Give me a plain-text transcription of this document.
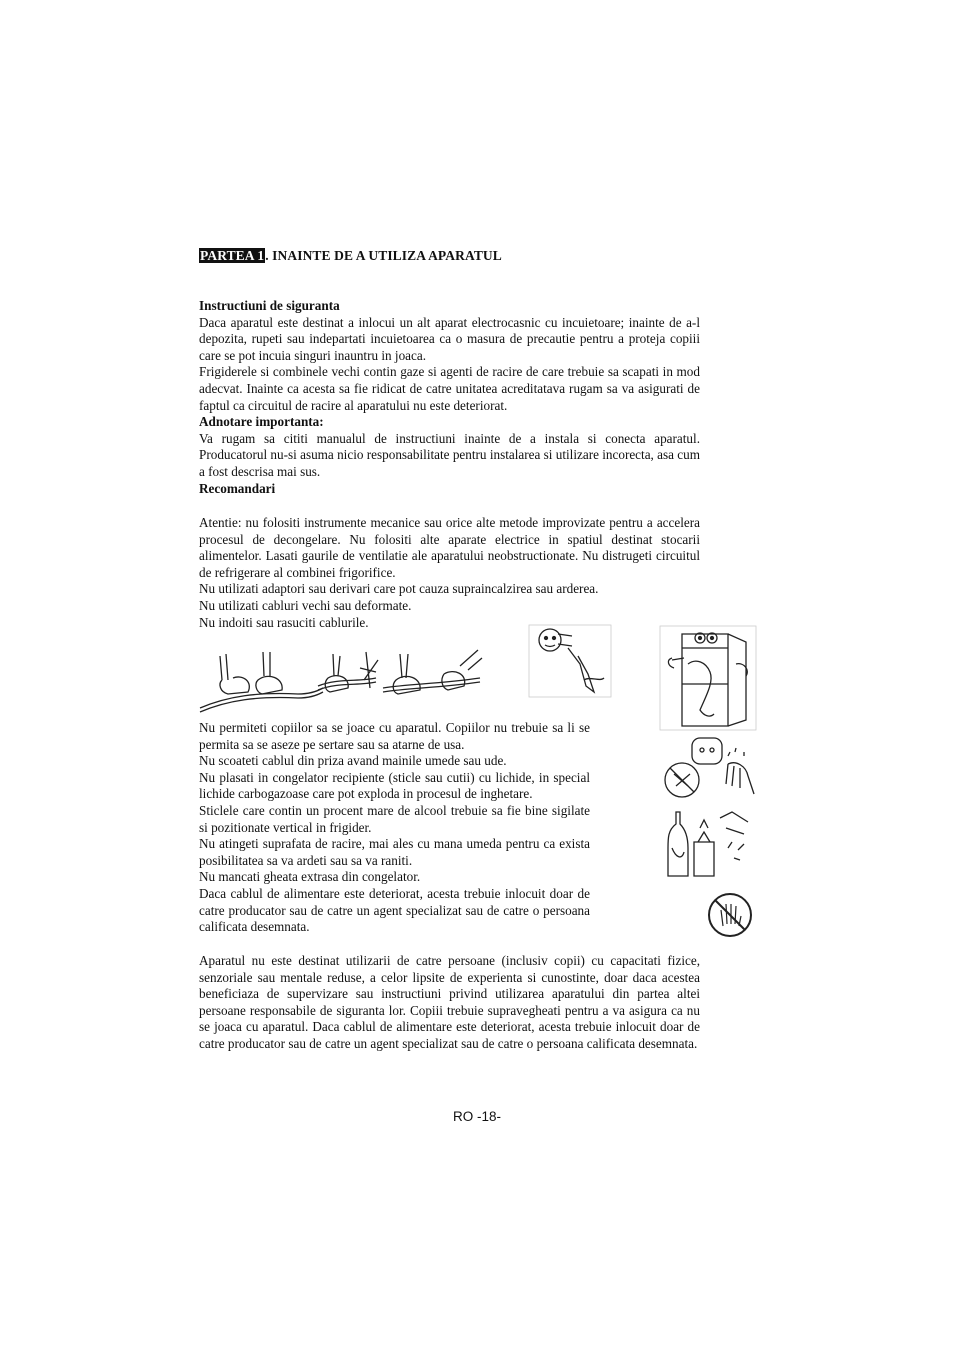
PARTEA 1. INAINTE DE A UTILIZA APARATUL

Instructiuni de siguranta

Daca aparatul este destinat a inlocui un alt aparat electrocasnic cu incuietoare; inainte de a-l depozita, rupeti sau indepartati incuietoarea ca o masura de precautie pentru a proteja copiii care se pot incuia singuri inauntru in joaca.

Frigiderele si combinele vechi contin gaze si agenti de racire de care trebuie sa scapati in mod adecvat. Inainte ca acesta sa fie ridicat de catre unitatea acreditatava rugam sa va asigurati de faptul ca circuitul de racire al aparatului nu este deteriorat.

Adnotare importanta:

Va rugam sa cititi manualul de instructiuni inainte de a instala si conecta aparatul. Producatorul nu-si asuma nicio responsabilitate pentru instalarea si utilizare incorecta, asa cum a fost descrisa mai sus.

Recomandari

Atentie: nu folositi instrumente mecanice sau orice alte metode improvizate pentru a accelera procesul de decongelare. Nu folositi alte aparate electrice in spatiul destinat stocarii alimentelor. Lasati gaurile de ventilatie ale aparatului neobstructionate. Nu distrugeti circuitul de refrigerare al combinei frigorifice.

Nu utilizati adaptori sau derivari care pot cauza supraincalzirea sau arderea.

Nu utilizati cabluri vechi sau deformate.

Nu indoiti sau rasuciti cablurile.

Nu permiteti copiilor sa se joace cu aparatul. Copiilor nu trebuie sa li se permita sa se aseze pe sertare sau sa atarne de usa.

Nu scoateti cablul din priza avand mainile umede sau ude.

Nu plasati in congelator recipiente (sticle sau cutii) cu lichide, in special lichide carbogazoase care pot exploda in procesul de inghetare.

Sticlele care contin un procent mare de alcool trebuie sa fie bine sigilate si pozitionate vertical in frigider.

Nu atingeti suprafata de racire, mai ales cu mana umeda pentru ca exista posibilitatea sa va ardeti sau sa va raniti.

Nu mancati gheata extrasa din congelator.

Daca cablul de alimentare este deteriorat, acesta trebuie inlocuit doar de catre producator sau de catre un agent specializat sau de catre o persoana calificata desemnata.

Aparatul nu este destinat utilizarii de catre persoane (inclusiv copii) cu capacitati fizice, senzoriale sau mentale reduse, a celor lipsite de experienta si cunostinte, doar daca acestea beneficiaza de supervizare sau instructiuni privind utilizarea aparatului din partea altei persoane responsabile de siguranta lor. Copiii trebuie supravegheati pentru a va asigura ca nu se joaca cu aparatul. Daca cablul de alimentare este deteriorat, acesta trebuie inlocuit doar de catre producator sau de catre un agent specializat sau de catre o persoana calificata desemnata.

RO -18-
